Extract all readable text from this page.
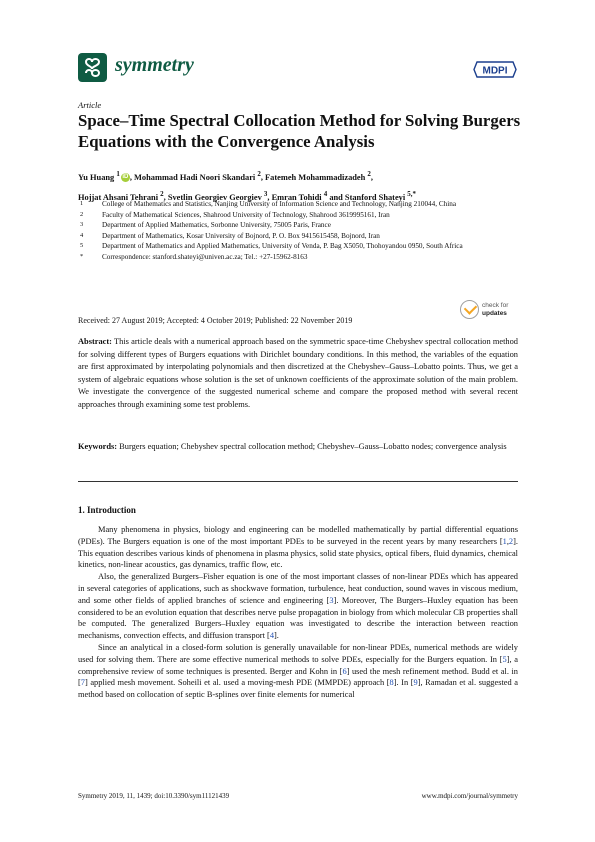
symmetry	MDPI
Article
Space–Time Spectral Collocation Method for Solving Burgers Equations with the Convergence Analysis
Yu Huang $^1$ iD , Mohammad Hadi Noori Skandari $^2$, Fatemeh Mohammadizadeh $^2$,
Hojjat Ahsani Tehrani $^2$, Svetlin Georgiev Georgiev $^3$, Emran Tohidi $^4$ and Stanford Shateyi $^{5,*}$
1	College of Mathematics and Statistics, Nanjing University of Information Science and Technology, Nanjing 210044, China
2	Faculty of Mathematical Sciences, Shahrood University of Technology, Shahrood 3619995161, Iran
3	Department of Applied Mathematics, Sorbonne University, 75005 Paris, France
4	Department of Mathematics, Kosar University of Bojnord, P. O. Box 9415615458, Bojnord, Iran
5	Department of Mathematics and Applied Mathematics, University of Venda, P. Bag X5050, Thohoyandou 0950, South Africa
*	Correspondence: stanford.shateyi@univen.ac.za; Tel.: +27-15962-8163
check for
updates
Received: 27 August 2019; Accepted: 4 October 2019; Published: 22 November 2019
Abstract: This article deals with a numerical approach based on the symmetric space-time Chebyshev spectral collocation method for solving different types of Burgers equations with Dirichlet boundary conditions. In this method, the variables of the equation are first approximated by interpolating polynomials and then discretized at the Chebyshev–Gauss–Lobatto points. Thus, we get a system of algebraic equations whose solution is the set of unknown coefficients of the approximate solution of the main problem. We investigate the convergence of the suggested numerical scheme and compare the proposed method with several recent approaches through examining some test problems.
Keywords: Burgers equation; Chebyshev spectral collocation method; Chebyshev–Gauss–Lobatto nodes; convergence analysis
1. Introduction

Many phenomena in physics, biology and engineering can be modelled mathematically by partial differential equations (PDEs). The Burgers equation is one of the most important PDEs to be surveyed in the recent years by many researchers [1,2]. This equation describes various kinds of phenomena in plasma physics, solid state physics, optical fibers, fluid dynamics, chemical kinetics, non-linear acoustics, gas dynamics, traffic flow, etc.

Also, the generalized Burgers–Fisher equation is one of the most important classes of non-linear PDEs which has appeared in several categories of applications, such as shockwave formation, turbulence, heat conduction, sound waves in viscous medium, and some other fields of applied branches of science and engineering [3]. Moreover, The Burgers–Huxley equation has been considered to be an evolution equation that describes nerve pulse propagation in biology from which molecular CB properties shall be computed. The generalized Burgers–Huxley equation was investigated to describe the interaction between reaction mechanisms, convection effects, and diffusion transport [4].

Since an analytical in a closed-form solution is generally unavailable for non-linear PDEs, numerical methods are widely used for solving them. There are some effective numerical methods to solve PDEs, especially for the Burgers equation. In [5], a comprehensive review of some techniques is presented. Berger and Kohn in [6] used the mesh refinement method. Budd et al. in [7] applied mesh movement. Soheili et al. used a moving-mesh PDE (MMPDE) approach [8]. In [9], Ramadan et al. suggested a method based on collocation of septic B-splines over finite elements for numerical

Symmetry 2019, 11, 1439; doi:10.3390/sym11121439	www.mdpi.com/journal/symmetry
